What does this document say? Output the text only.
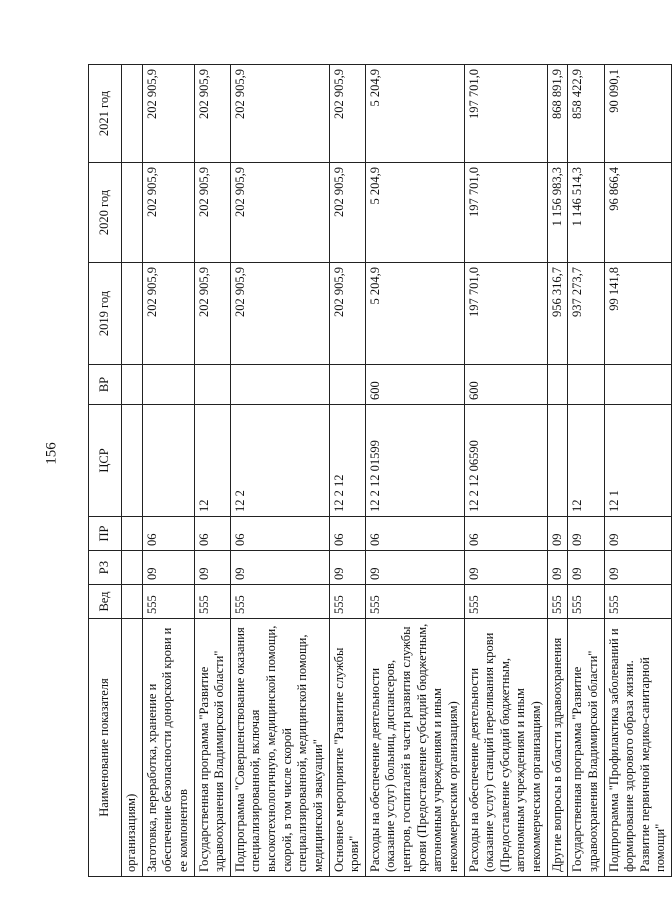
156
Наименование показателя	Вед	РЗ	ПР	ЦСР	ВР	2019 год	2020 год	2021 год
организациям)								
Заготовка, переработка, хранение и обеспечение безопасности донорской крови и ее компонентов	555	09	06			202 905,9	202 905,9	202 905,9
Государственная программа "Развитие здравоохранения Владимирской области"	555	09	06	12		202 905,9	202 905,9	202 905,9
Подпрограмма "Совершенствование оказания специализированной, включая высокотехнологичную, медицинской помощи, скорой, в том числе скорой специализированной, медицинской помощи, медицинской эвакуации"	555	09	06	12 2		202 905,9	202 905,9	202 905,9
Основное мероприятие "Развитие службы крови"	555	09	06	12 2 12		202 905,9	202 905,9	202 905,9
Расходы на обеспечение деятельности (оказание услуг) больниц, диспансеров, центров, госпиталей в части развития службы крови (Предоставление субсидий бюджетным, автономным учреждениям и иным некоммерческим организациям)	555	09	06	12 2 12 01599	600	5 204,9	5 204,9	5 204,9
Расходы на обеспечение деятельности (оказание услуг) станций переливания крови (Предоставление субсидий бюджетным, автономным учреждениям и иным некоммерческим организациям)	555	09	06	12 2 12 06590	600	197 701,0	197 701,0	197 701,0
Другие вопросы в области здравоохранения	555	09	09			956 316,7	1 156 983,3	868 891,9
Государственная программа "Развитие здравоохранения Владимирской области"	555	09	09	12		937 273,7	1 146 514,3	858 422,9
Подпрограмма "Профилактика заболеваний и формирование здорового образа жизни. Развитие первичной медико-санитарной помощи"	555	09	09	12 1		99 141,8	96 866,4	90 090,1
